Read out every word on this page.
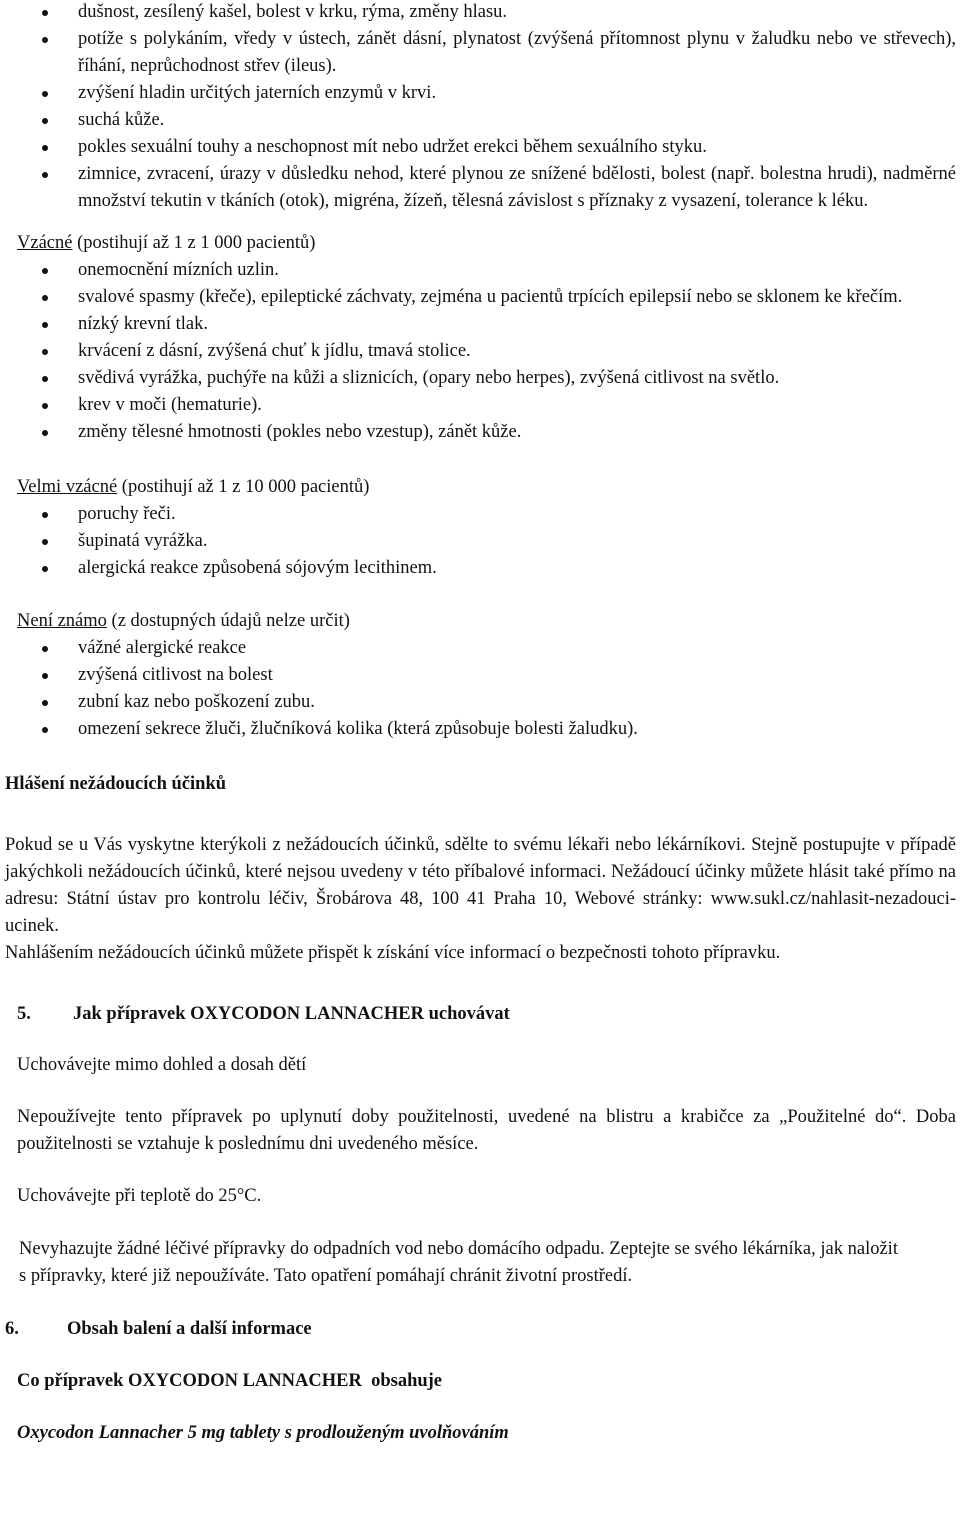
dušnost, zesílený kašel, bolest v krku, rýma, změny hlasu.
potíže s polykáním, vředy v ústech, zánět dásní, plynatost (zvýšená přítomnost plynu v žaludku nebo ve střevech), říhání, neprůchodnost střev (ileus).
zvýšení hladin určitých jaterních enzymů v krvi.
suchá kůže.
pokles sexuální touhy a neschopnost mít nebo udržet erekci během sexuálního styku.
zimnice, zvracení, úrazy v důsledku nehod, které plynou ze snížené bdělosti, bolest (např. bolestna hrudi), nadměrné množství tekutin v tkáních (otok), migréna, žízeň, tělesná závislost s příznaky z vysazení, tolerance k léku.

Vzácné (postihují až 1 z 1 000 pacientů)

onemocnění mízních uzlin.
svalové spasmy (křeče), epileptické záchvaty, zejména u pacientů trpících epilepsií nebo se sklonem ke křečím.
nízký krevní tlak.
krvácení z dásní, zvýšená chuť k jídlu, tmavá stolice.
svědivá vyrážka, puchýře na kůži a sliznicích, (opary nebo herpes), zvýšená citlivost na světlo.
krev v moči (hematurie).
změny tělesné hmotnosti (pokles nebo vzestup), zánět kůže.

Velmi vzácné (postihují až 1 z 10 000 pacientů)

poruchy řeči.
šupinatá vyrážka.
alergická reakce způsobená sójovým lecithinem.

Není známo (z dostupných údajů nelze určit)

vážné alergické reakce
zvýšená citlivost na bolest
zubní kaz nebo poškození zubu.
omezení sekrece žluči, žlučníková kolika (která způsobuje bolesti žaludku).
Hlášení nežádoucích účinků
Pokud se u Vás vyskytne kterýkoli z nežádoucích účinků, sdělte to svému lékaři nebo lékárníkovi. Stejně postupujte v případě jakýchkoli nežádoucích účinků, které nejsou uvedeny v této příbalové informaci. Nežádoucí účinky můžete hlásit také přímo na adresu: Státní ústav pro kontrolu léčiv, Šrobárova 48, 100 41 Praha 10, Webové stránky: www.sukl.cz/nahlasit-nezadouci-ucinek.
Nahlášením nežádoucích účinků můžete přispět k získání více informací o bezpečnosti tohoto přípravku.
5.	Jak přípravek OXYCODON LANNACHER uchovávat
Uchovávejte mimo dohled a dosah dětí
Nepoužívejte tento přípravek po uplynutí doby použitelnosti, uvedené na blistru a krabičce za „Použitelné do“. Doba použitelnosti se vztahuje k poslednímu dni uvedeného měsíce.
Uchovávejte při teplotě do 25°C.
Nevyhazujte žádné léčivé přípravky do odpadních vod nebo domácího odpadu. Zeptejte se svého lékárníka, jak naložit s přípravky, které již nepoužíváte. Tato opatření pomáhají chránit životní prostředí.
6.	Obsah balení a další informace
Co přípravek OXYCODON LANNACHER  obsahuje
Oxycodon Lannacher 5 mg tablety s prodlouženým uvolňováním
